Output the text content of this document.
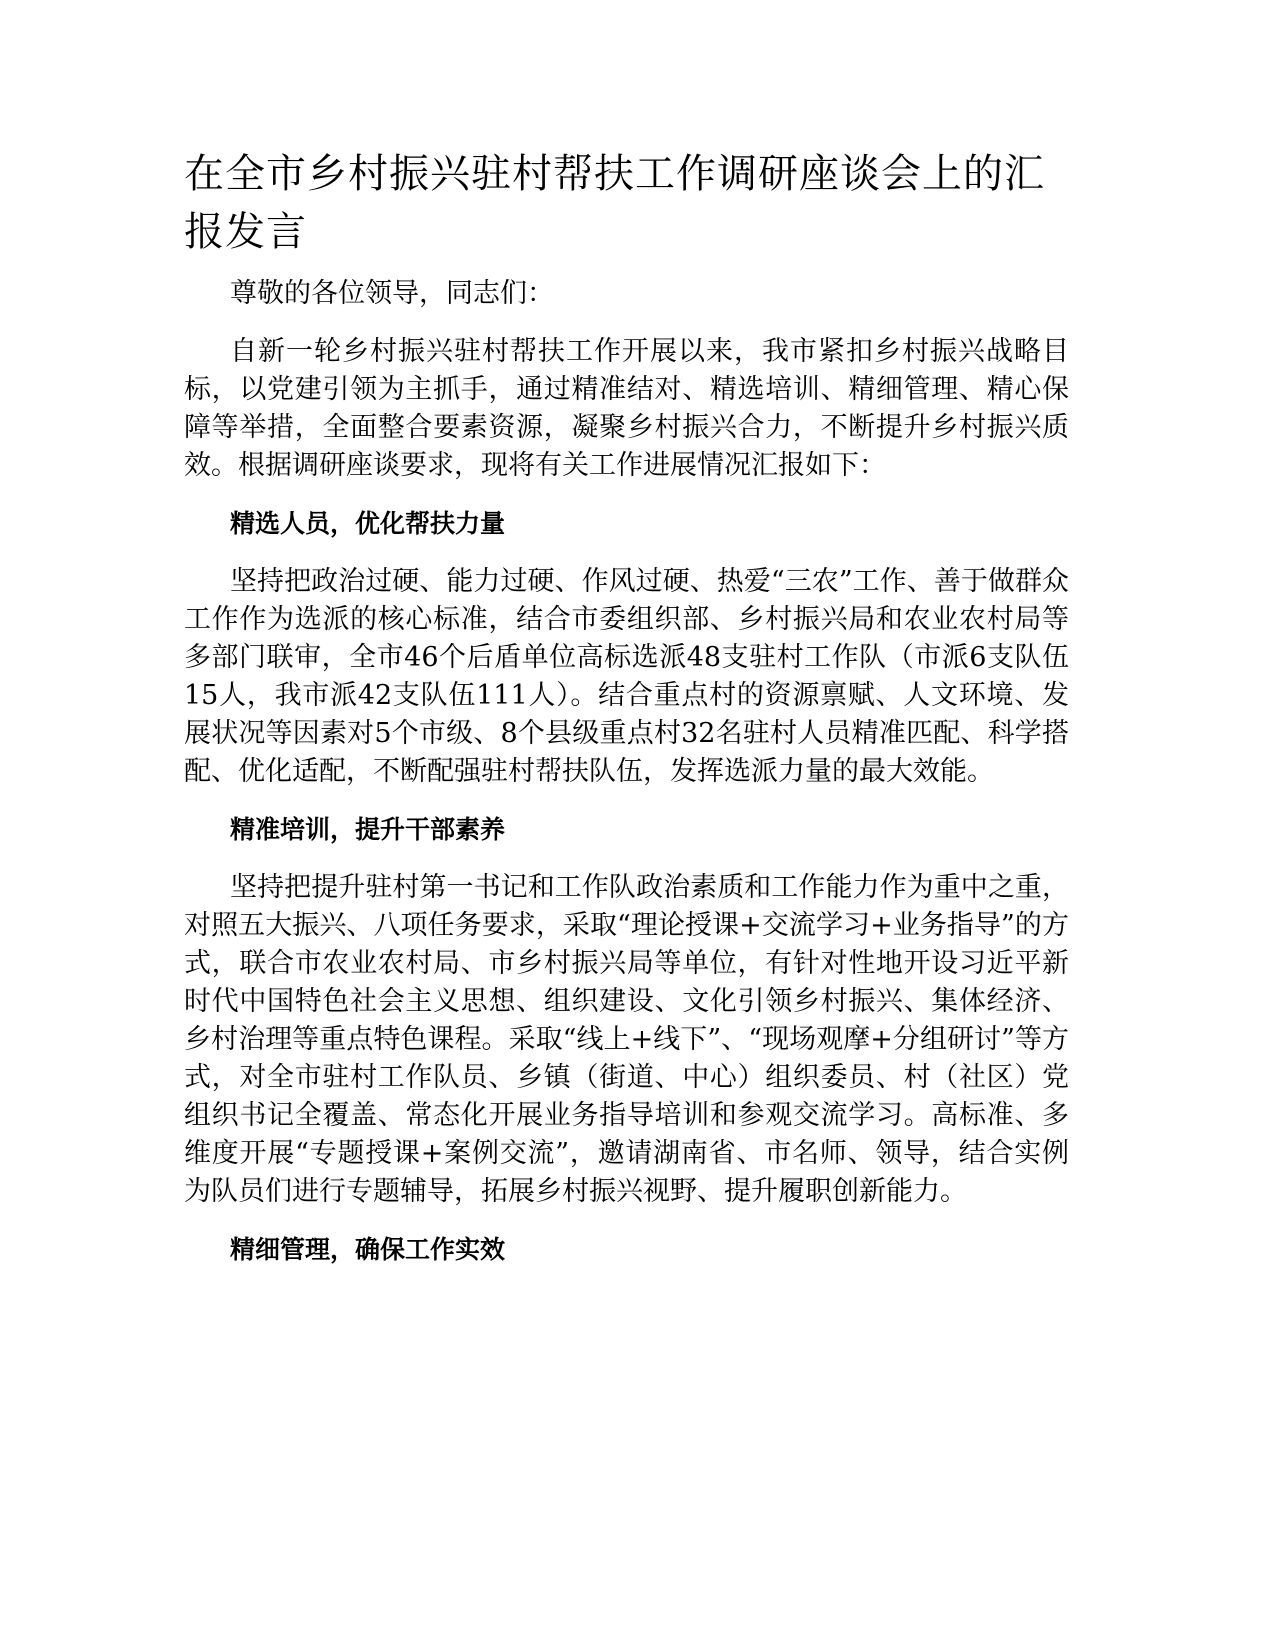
在全市乡村振兴驻村帮扶工作调研座谈会上的汇报发言

尊敬的各位领导，同志们：

自新一轮乡村振兴驻村帮扶工作开展以来，我市紧扣乡村振兴战略目标，以党建引领为主抓手，通过精准结对、精选培训、精细管理、精心保障等举措，全面整合要素资源，凝聚乡村振兴合力，不断提升乡村振兴质效。根据调研座谈要求，现将有关工作进展情况汇报如下：

精选人员，优化帮扶力量

坚持把政治过硬、能力过硬、作风过硬、热爱“三农”工作、善于做群众工作作为选派的核心标准，结合市委组织部、乡村振兴局和农业农村局等多部门联审，全市46个后盾单位高标选派48支驻村工作队（市派6支队伍15人，我市派42支队伍111人）。结合重点村的资源禀赋、人文环境、发展状况等因素对5个市级、8个县级重点村32名驻村人员精准匹配、科学搭配、优化适配，不断配强驻村帮扶队伍，发挥选派力量的最大效能。

精准培训，提升干部素养

坚持把提升驻村第一书记和工作队政治素质和工作能力作为重中之重，对照五大振兴、八项任务要求，采取“理论授课+交流学习+业务指导”的方式，联合市农业农村局、市乡村振兴局等单位，有针对性地开设习近平新时代中国特色社会主义思想、组织建设、文化引领乡村振兴、集体经济、乡村治理等重点特色课程。采取“线上+线下”、“现场观摩+分组研讨”等方式，对全市驻村工作队员、乡镇（街道、中心）组织委员、村（社区）党组织书记全覆盖、常态化开展业务指导培训和参观交流学习。高标准、多维度开展“专题授课+案例交流”，邀请湖南省、市名师、领导，结合实例为队员们进行专题辅导，拓展乡村振兴视野、提升履职创新能力。

精细管理，确保工作实效
